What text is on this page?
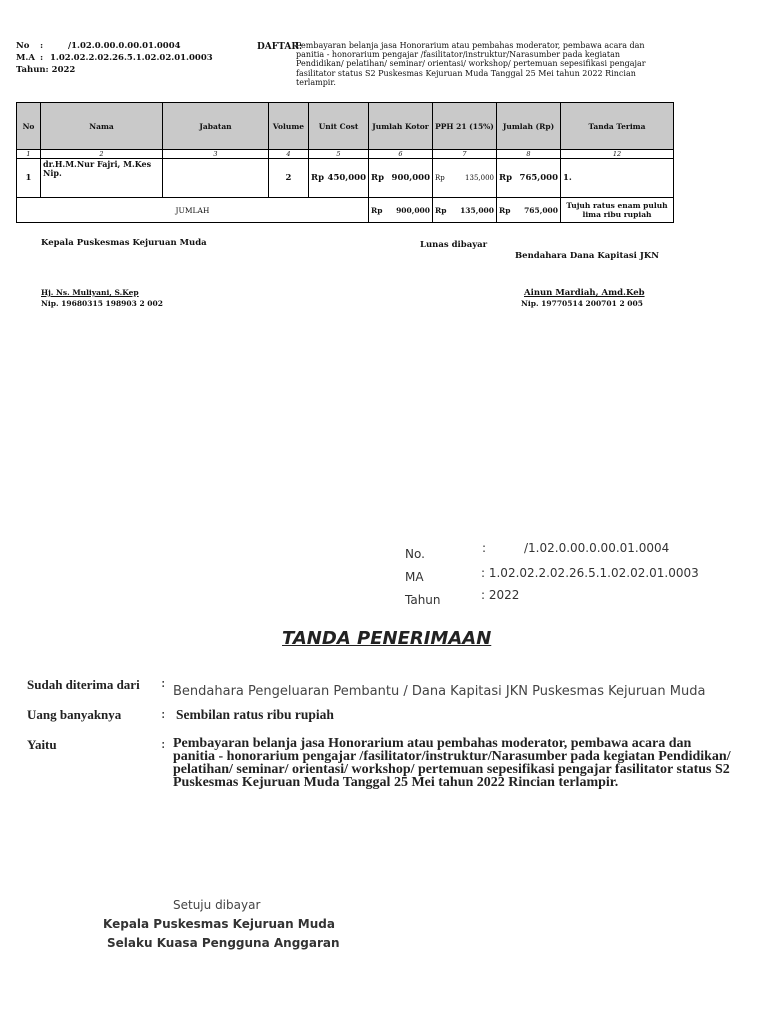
No :	/1.02.0.00.0.00.01.0004
M.A : 1.02.02.2.02.26.5.1.02.02.01.0003
Tahun: 2022
DAFTAR:
Pembayaran belanja jasa Honorarium atau pembahas moderator, pembawa acara dan panitia - honorarium pengajar /fasilitator/instruktur/Narasumber pada kegiatan Pendidikan/ pelatihan/ seminar/ orientasi/ workshop/ pertemuan sepesifikasi pengajar fasilitator status S2 Puskesmas Kejuruan Muda Tanggal 25 Mei tahun 2022 Rincian terlampir.
No	Nama	Jabatan	Volume	Unit Cost	Jumlah Kotor	PPH 21 (15%)	Jumlah (Rp)	Tanda Terima
1	2	3	4	5	6	7	8	12
1	dr.H.M.Nur Fajri, M.Kes Nip.		2	Rp 450,000	Rp 900,000	Rp 135,000	Rp 765,000	1.
JUMLAH					Rp 900,000	Rp 135,000	Rp 765,000	Tujuh ratus enam puluh lima ribu rupiah
Kepala Puskesmas Kejuruan Muda	Lunas dibayar
Bendahara Dana Kapitasi JKN
Hj. Ns. Muliyani, S.Kep
Nip. 19680315 198903 2 002
Ainun Mardiah, Amd.Keb
Nip. 19770514 200701 2 005
No.	:	/1.02.0.00.0.00.01.0004
MA	: 1.02.02.2.02.26.5.1.02.02.01.0003
Tahun	: 2022
TANDA PENERIMAAN
Sudah diterima dari :
Bendahara Pengeluaran Pembantu / Dana Kapitasi JKN Puskesmas Kejuruan Muda
Uang banyaknya	: Sembilan ratus ribu rupiah
Yaitu	: Pembayaran belanja jasa Honorarium atau pembahas moderator, pembawa acara dan panitia - honorarium pengajar /fasilitator/instruktur/Narasumber pada kegiatan Pendidikan/ pelatihan/ seminar/ orientasi/ workshop/ pertemuan sepesifikasi pengajar fasilitator status S2 Puskesmas Kejuruan Muda Tanggal 25 Mei tahun 2022 Rincian terlampir.
Setuju dibayar
Kepala Puskesmas Kejuruan Muda
Selaku Kuasa Pengguna Anggaran
